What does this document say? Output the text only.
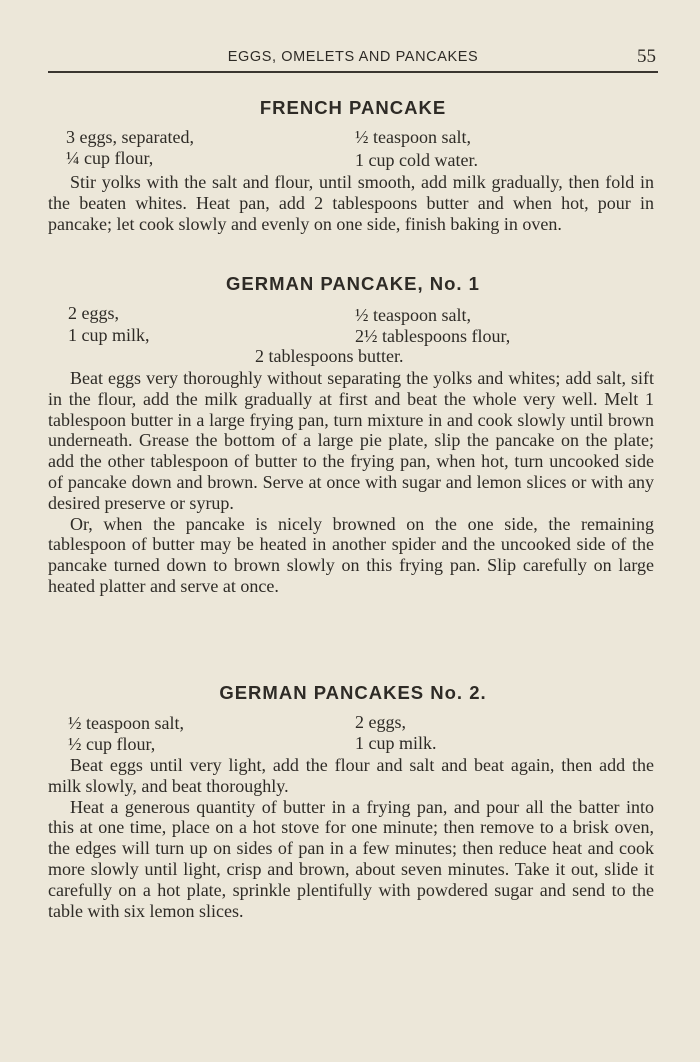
EGGS, OMELETS AND PANCAKES	55
FRENCH PANCAKE
3 eggs, separated,	½ teaspoon salt,
¼ cup flour,	1 cup cold water.

Stir yolks with the salt and flour, until smooth, add milk gradually, then fold in the beaten whites. Heat pan, add 2 tablespoons butter and when hot, pour in pancake; let cook slowly and evenly on one side, finish baking in oven.

GERMAN PANCAKE, No. 1
2 eggs,	½ teaspoon salt,
1 cup milk,	2½ tablespoons flour,
2 tablespoons butter.

Beat eggs very thoroughly without separating the yolks and whites; add salt, sift in the flour, add the milk gradually at first and beat the whole very well. Melt 1 tablespoon butter in a large frying pan, turn mixture in and cook slowly until brown underneath. Grease the bottom of a large pie plate, slip the pancake on the plate; add the other tablespoon of butter to the frying pan, when hot, turn uncooked side of pancake down and brown. Serve at once with sugar and lemon slices or with any desired preserve or syrup.

Or, when the pancake is nicely browned on the one side, the remaining tablespoon of butter may be heated in another spider and the uncooked side of the pancake turned down to brown slowly on this frying pan. Slip carefully on large heated platter and serve at once.

GERMAN PANCAKES No. 2.
½ teaspoon salt,	2 eggs,
½ cup flour,	1 cup milk.

Beat eggs until very light, add the flour and salt and beat again, then add the milk slowly, and beat thoroughly.

Heat a generous quantity of butter in a frying pan, and pour all the batter into this at one time, place on a hot stove for one minute; then remove to a brisk oven, the edges will turn up on sides of pan in a few minutes; then reduce heat and cook more slowly until light, crisp and brown, about seven minutes. Take it out, slide it carefully on a hot plate, sprinkle plentifully with powdered sugar and send to the table with six lemon slices.
